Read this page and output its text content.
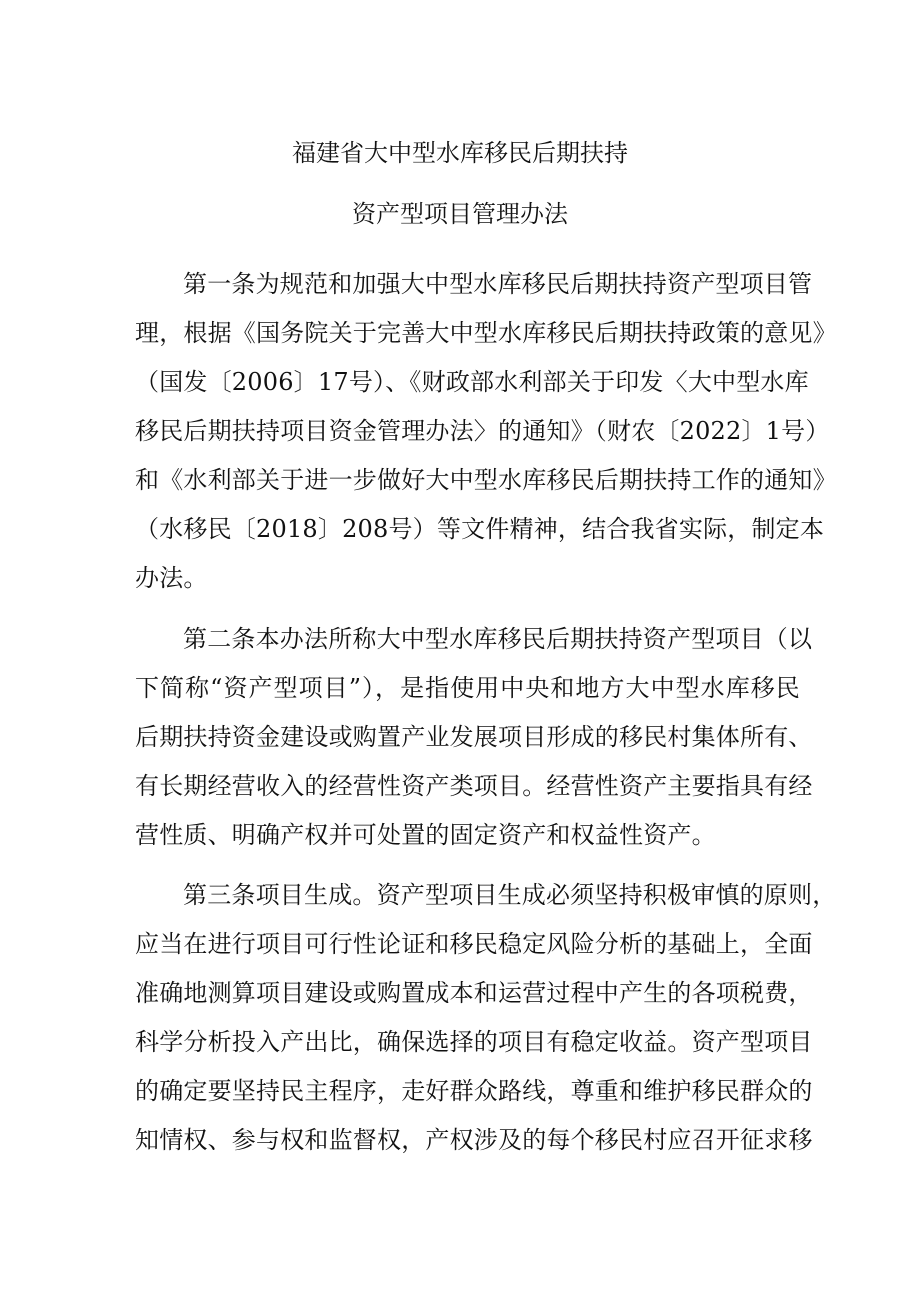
福建省大中型水库移民后期扶持
资产型项目管理办法
第一条为规范和加强大中型水库移民后期扶持资产型项目管
理，根据《国务院关于完善大中型水库移民后期扶持政策的意见》
（国发〔2006〕17号）、《财政部水利部关于印发〈大中型水库
移民后期扶持项目资金管理办法〉的通知》（财农〔2022〕1号）
和《水利部关于进一步做好大中型水库移民后期扶持工作的通知》
（水移民〔2018〕208号）等文件精神，结合我省实际，制定本
办法。
第二条本办法所称大中型水库移民后期扶持资产型项目（以
下简称“资产型项目”），是指使用中央和地方大中型水库移民
后期扶持资金建设或购置产业发展项目形成的移民村集体所有、
有长期经营收入的经营性资产类项目。经营性资产主要指具有经
营性质、明确产权并可处置的固定资产和权益性资产。
第三条项目生成。资产型项目生成必须坚持积极审慎的原则，
应当在进行项目可行性论证和移民稳定风险分析的基础上，全面
准确地测算项目建设或购置成本和运营过程中产生的各项税费，
科学分析投入产出比，确保选择的项目有稳定收益。资产型项目
的确定要坚持民主程序，走好群众路线，尊重和维护移民群众的
知情权、参与权和监督权，产权涉及的每个移民村应召开征求移
